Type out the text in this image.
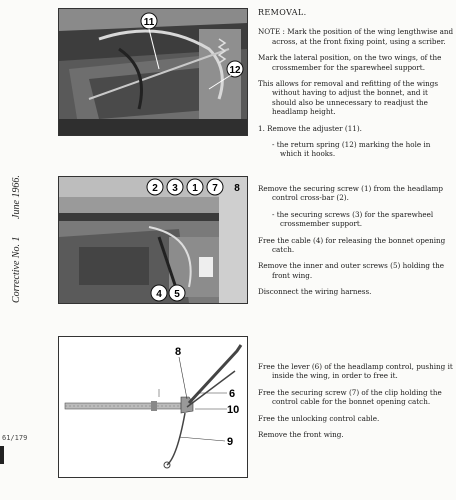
June 1966.
Corrective No. 1
61/179
11
12
2 3 1 7 8
4 5
8
6
10
9

REMOVAL.

NOTE : Mark the position of the wing lengthwise and across, at the front fixing point, using a scriber.

Mark the lateral position, on the two wings, of the crossmember for the sparewheel support.

This allows for removal and refitting of the wings without having to adjust the bonnet, and it should also be unnecessary to readjust the headlamp height.

1. Remove the adjuster (11).

- the return spring (12) marking the hole in which it hooks.

Remove the securing screw (1) from the headlamp control cross-bar (2).

- the securing screws (3) for the sparewheel crossmember support.

Free the cable (4) for releasing the bonnet opening catch.

Remove the inner and outer screws (5) holding the front wing.

Disconnect the wiring harness.

Free the lever (6) of the headlamp control, pushing it inside the wing, in order to free it.

Free the securing screw (7) of the clip holding the control cable for the bonnet opening catch.

Free the unlocking control cable.

Remove the front wing.
